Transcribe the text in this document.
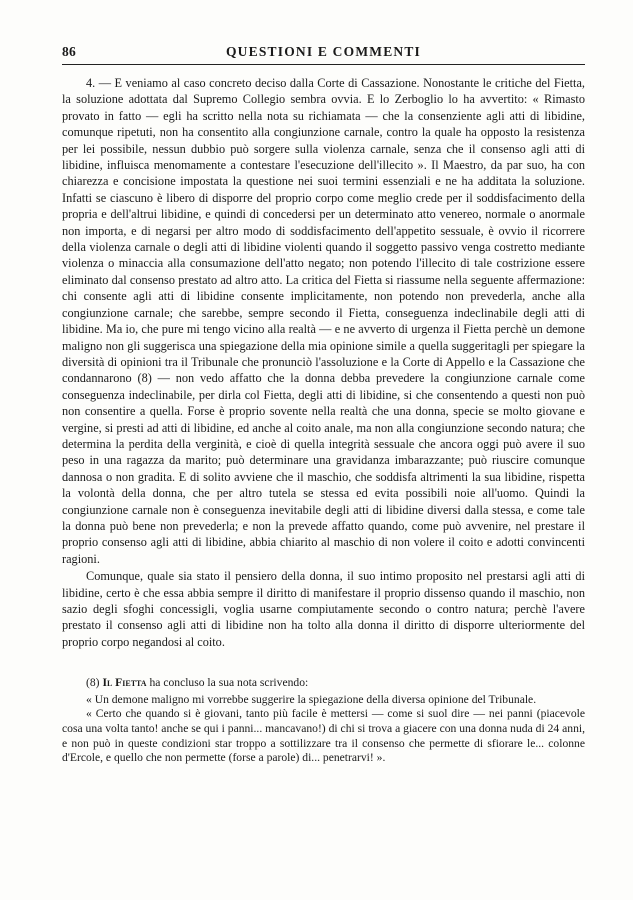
86	QUESTIONI E COMMENTI

4. — E veniamo al caso concreto deciso dalla Corte di Cassazione. Nonostante le critiche del Fietta, la soluzione adottata dal Supremo Collegio sembra ovvia. E lo Zerboglio lo ha avvertito: « Rimasto provato in fatto — egli ha scritto nella nota su richiamata — che la consenziente agli atti di libidine, comunque ripetuti, non ha consentito alla congiunzione carnale, contro la quale ha opposto la resistenza per lei possibile, nessun dubbio può sorgere sulla violenza carnale, senza che il consenso agli atti di libidine, influisca menomamente a contestare l'esecuzione dell'illecito ». Il Maestro, da par suo, ha con chiarezza e concisione impostata la questione nei suoi termini essenziali e ne ha additata la soluzione. Infatti se ciascuno è libero di disporre del proprio corpo come meglio crede per il soddisfacimento della propria e dell'altrui libidine, e quindi di concedersi per un determinato atto venereo, normale o anormale non importa, e di negarsi per altro modo di soddisfacimento dell'appetito sessuale, è ovvio il ricorrere della violenza carnale o degli atti di libidine violenti quando il soggetto passivo venga costretto mediante violenza o minaccia alla consumazione dell'atto negato; non potendo l'illecito di tale costrizione essere eliminato dal consenso prestato ad altro atto. La critica del Fietta si riassume nella seguente affermazione: chi consente agli atti di libidine consente implicitamente, non potendo non prevederla, anche alla congiunzione carnale; che sarebbe, sempre secondo il Fietta, conseguenza indeclinabile degli atti di libidine. Ma io, che pure mi tengo vicino alla realtà — e ne avverto di urgenza il Fietta perchè un demone maligno non gli suggerisca una spiegazione della mia opinione simile a quella suggeritagli per spiegare la diversità di opinioni tra il Tribunale che pronunciò l'assoluzione e la Corte di Appello e la Cassazione che condannarono (8) — non vedo affatto che la donna debba prevedere la congiunzione carnale come conseguenza indeclinabile, per dirla col Fietta, degli atti di libidine, si che consentendo a questi non può non consentire a quella. Forse è proprio sovente nella realtà che una donna, specie se molto giovane e vergine, si presti ad atti di libidine, ed anche al coito anale, ma non alla congiunzione secondo natura; che determina la perdita della verginità, e cioè di quella integrità sessuale che ancora oggi può avere il suo peso in una ragazza da marito; può determinare una gravidanza imbarazzante; può riuscire comunque dannosa o non gradita. E di solito avviene che il maschio, che soddisfa altrimenti la sua libidine, rispetta la volontà della donna, che per altro tutela se stessa ed evita possibili noie all'uomo. Quindi la congiunzione carnale non è conseguenza inevitabile degli atti di libidine diversi dalla stessa, e come tale la donna può bene non prevederla; e non la prevede affatto quando, come può avvenire, nel prestare il proprio consenso agli atti di libidine, abbia chiarito al maschio di non volere il coito e adotti convincenti ragioni.

Comunque, quale sia stato il pensiero della donna, il suo intimo proposito nel prestarsi agli atti di libidine, certo è che essa abbia sempre il diritto di manifestare il proprio dissenso quando il maschio, non sazio degli sfoghi concessigli, voglia usarne compiutamente secondo o contro natura; perchè l'avere prestato il consenso agli atti di libidine non ha tolto alla donna il diritto di disporre ulteriormente del proprio corpo negandosi al coito.

(8) Il Fietta ha concluso la sua nota scrivendo:

« Un demone maligno mi vorrebbe suggerire la spiegazione della diversa opinione del Tribunale.

« Certo che quando si è giovani, tanto più facile è mettersi — come si suol dire — nei panni (piacevole cosa una volta tanto! anche se qui i panni... mancavano!) di chi si trova a giacere con una donna nuda di 24 anni, e non può in queste condizioni star troppo a sottilizzare tra il consenso che permette di sfiorare le... colonne d'Ercole, e quello che non permette (forse a parole) di... penetrarvi! ».
